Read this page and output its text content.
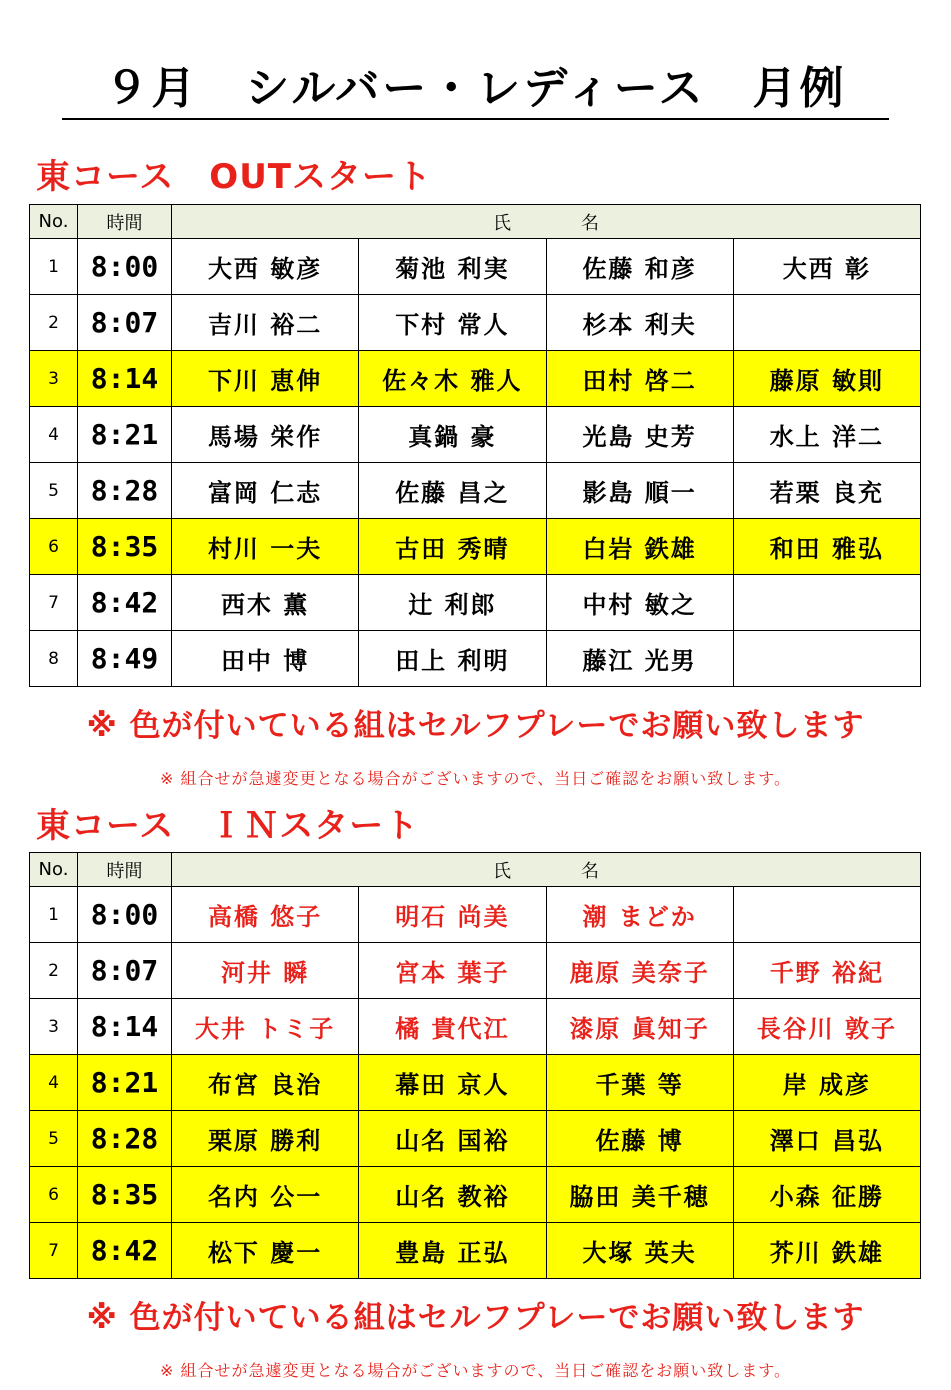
９月　シルバー・レディース　月例
東コース　OUTスタート
No.	時間	氏 名			
1	8:00	大西 敏彦	菊池 利実	佐藤 和彦	大西 彰
2	8:07	吉川 裕二	下村 常人	杉本 利夫	
3	8:14	下川 恵伸	佐々木 雅人	田村 啓二	藤原 敏則
4	8:21	馬場 栄作	真鍋 豪	光島 史芳	水上 洋二
5	8:28	富岡 仁志	佐藤 昌之	影島 順一	若栗 良充
6	8:35	村川 一夫	古田 秀晴	白岩 鉄雄	和田 雅弘
7	8:42	西木 薫	辻 利郎	中村 敏之	
8	8:49	田中 博	田上 利明	藤江 光男	
※ 色が付いている組はセルフプレーでお願い致します
※ 組合せが急遽変更となる場合がございますので、当日ご確認をお願い致します。
東コース　ＩＮスタート
No.	時間	氏 名			
1	8:00	高橋 悠子	明石 尚美	潮 まどか	
2	8:07	河井 瞬	宮本 葉子	鹿原 美奈子	千野 裕紀
3	8:14	大井 トミ子	橘 貴代江	漆原 眞知子	長谷川 敦子
4	8:21	布宮 良治	幕田 京人	千葉 等	岸 成彦
5	8:28	栗原 勝利	山名 国裕	佐藤 博	澤口 昌弘
6	8:35	名内 公一	山名 教裕	脇田 美千穂	小森 征勝
7	8:42	松下 慶一	豊島 正弘	大塚 英夫	芥川 鉄雄
※ 色が付いている組はセルフプレーでお願い致します
※ 組合せが急遽変更となる場合がございますので、当日ご確認をお願い致します。
